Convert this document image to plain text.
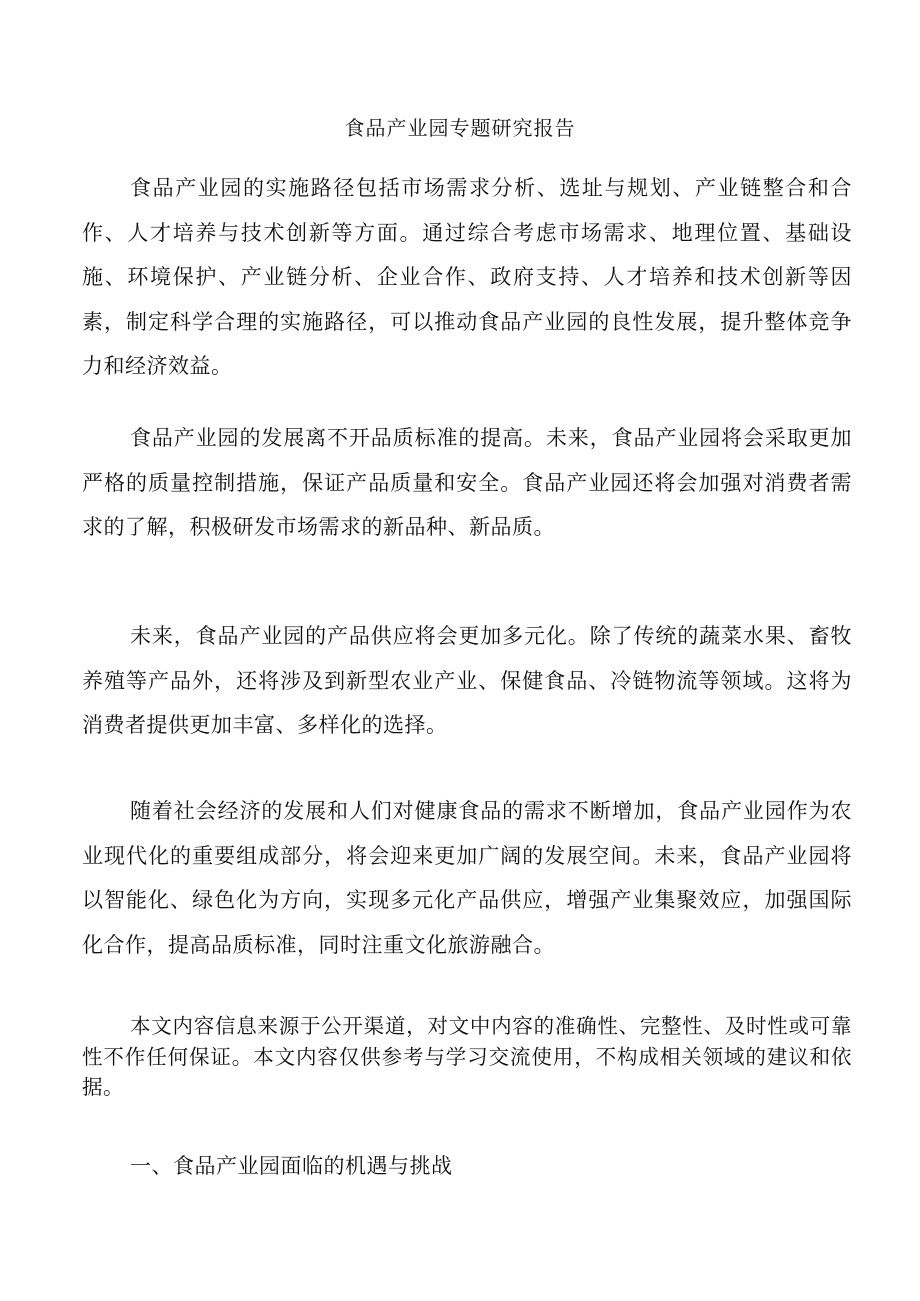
食品产业园专题研究报告

食品产业园的实施路径包括市场需求分析、选址与规划、产业链整合和合作、人才培养与技术创新等方面。通过综合考虑市场需求、地理位置、基础设施、环境保护、产业链分析、企业合作、政府支持、人才培养和技术创新等因素，制定科学合理的实施路径，可以推动食品产业园的良性发展，提升整体竞争力和经济效益。

食品产业园的发展离不开品质标准的提高。未来，食品产业园将会采取更加严格的质量控制措施，保证产品质量和安全。食品产业园还将会加强对消费者需求的了解，积极研发市场需求的新品种、新品质。

未来，食品产业园的产品供应将会更加多元化。除了传统的蔬菜水果、畜牧养殖等产品外，还将涉及到新型农业产业、保健食品、冷链物流等领域。这将为消费者提供更加丰富、多样化的选择。

随着社会经济的发展和人们对健康食品的需求不断增加，食品产业园作为农业现代化的重要组成部分，将会迎来更加广阔的发展空间。未来，食品产业园将以智能化、绿色化为方向，实现多元化产品供应，增强产业集聚效应，加强国际化合作，提高品质标准，同时注重文化旅游融合。

本文内容信息来源于公开渠道，对文中内容的准确性、完整性、及时性或可靠性不作任何保证。本文内容仅供参考与学习交流使用，不构成相关领域的建议和依据。

一、食品产业园面临的机遇与挑战
